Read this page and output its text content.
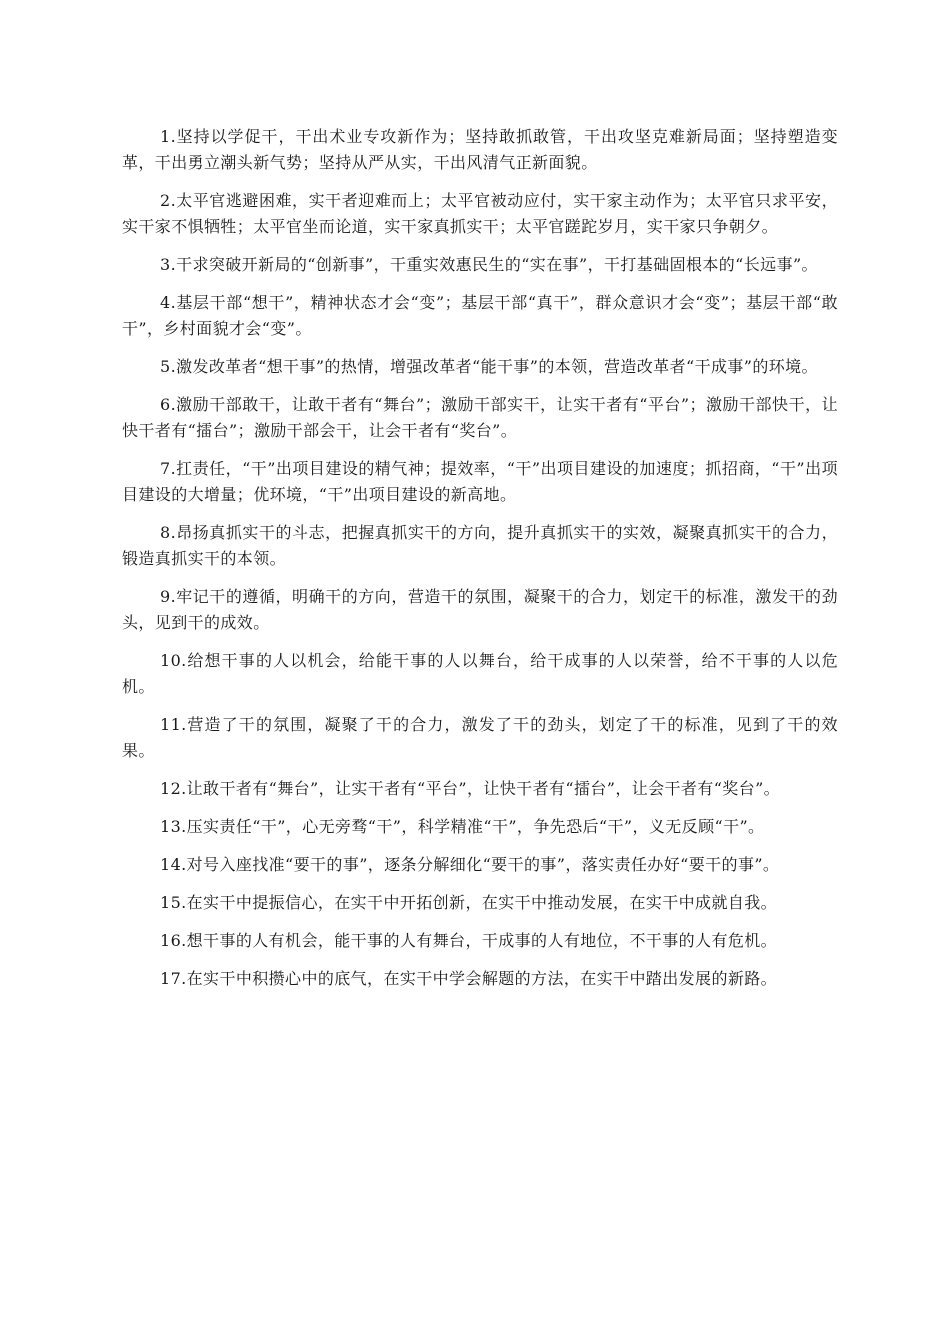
1.坚持以学促干，干出术业专攻新作为；坚持敢抓敢管，干出攻坚克难新局面；坚持塑造变革，干出勇立潮头新气势；坚持从严从实，干出风清气正新面貌。

2.太平官逃避困难，实干者迎难而上；太平官被动应付，实干家主动作为；太平官只求平安，实干家不惧牺牲；太平官坐而论道，实干家真抓实干；太平官蹉跎岁月，实干家只争朝夕。

3.干求突破开新局的“创新事”，干重实效惠民生的“实在事”，干打基础固根本的“长远事”。

4.基层干部“想干”，精神状态才会“变”；基层干部“真干”，群众意识才会“变”；基层干部“敢干”，乡村面貌才会“变”。

5.激发改革者“想干事”的热情，增强改革者“能干事”的本领，营造改革者“干成事”的环境。

6.激励干部敢干，让敢干者有“舞台”；激励干部实干，让实干者有“平台”；激励干部快干，让快干者有“擂台”；激励干部会干，让会干者有“奖台”。

7.扛责任，“干”出项目建设的精气神；提效率，“干”出项目建设的加速度；抓招商，“干”出项目建设的大增量；优环境，“干”出项目建设的新高地。

8.昂扬真抓实干的斗志，把握真抓实干的方向，提升真抓实干的实效，凝聚真抓实干的合力，锻造真抓实干的本领。

9.牢记干的遵循，明确干的方向，营造干的氛围，凝聚干的合力，划定干的标准，激发干的劲头，见到干的成效。

10.给想干事的人以机会，给能干事的人以舞台，给干成事的人以荣誉，给不干事的人以危机。

11.营造了干的氛围，凝聚了干的合力，激发了干的劲头，划定了干的标准，见到了干的效果。

12.让敢干者有“舞台”，让实干者有“平台”，让快干者有“擂台”，让会干者有“奖台”。

13.压实责任“干”，心无旁骛“干”，科学精准“干”，争先恐后“干”，义无反顾“干”。

14.对号入座找准“要干的事”，逐条分解细化“要干的事”，落实责任办好“要干的事”。

15.在实干中提振信心，在实干中开拓创新，在实干中推动发展，在实干中成就自我。

16.想干事的人有机会，能干事的人有舞台，干成事的人有地位，不干事的人有危机。

17.在实干中积攒心中的底气，在实干中学会解题的方法，在实干中踏出发展的新路。
